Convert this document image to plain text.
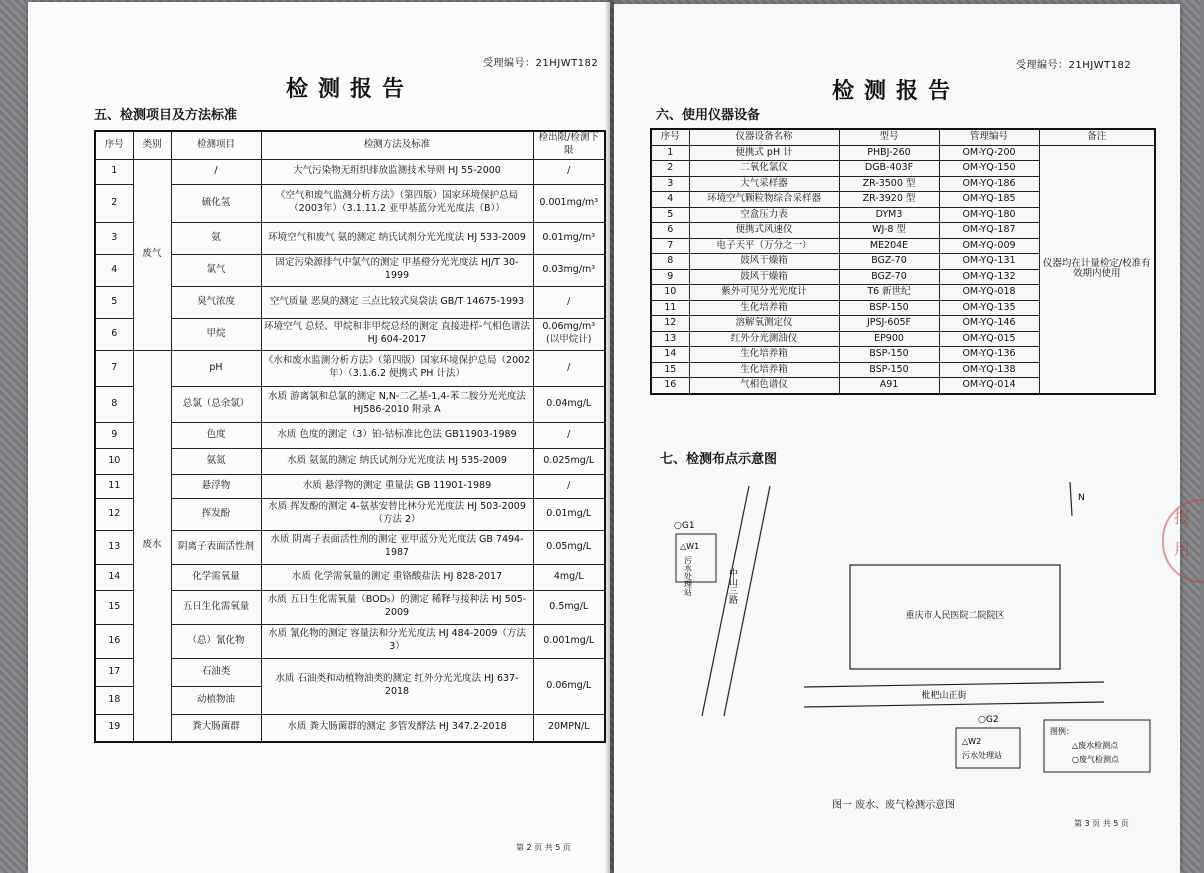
受理编号：21HJWT182
检测报告
五、检测项目及方法标准
序号	类别	检测项目	检测方法及标准	检出限/检测下限
1	废气	/	大气污染物无组织排放监测技术导则 HJ 55-2000	/
2		硫化氢	《空气和废气监测分析方法》（第四版）国家环境保护总局（2003年）（3.1.11.2 亚甲基蓝分光光度法（B））	0.001mg/m³
3		氨	环境空气和废气 氨的测定 纳氏试剂分光光度法 HJ 533-2009	0.01mg/m³
4		氯气	固定污染源排气中氯气的测定 甲基橙分光光度法 HJ/T 30-1999	0.03mg/m³
5		臭气浓度	空气质量 恶臭的测定 三点比较式臭袋法 GB/T 14675-1993	/
6		甲烷	环境空气 总烃、甲烷和非甲烷总烃的测定 直接进样-气相色谱法 HJ 604-2017	0.06mg/m³ (以甲烷计)
7	废水	pH	《水和废水监测分析方法》（第四版）国家环境保护总局（2002年）（3.1.6.2 便携式 PH 计法）	/
8		总氯（总余氯）	水质 游离氯和总氯的测定 N,N-二乙基-1,4-苯二胺分光光度法 HJ586-2010 附录 A	0.04mg/L
9		色度	水质 色度的测定（3）铂-钴标准比色法 GB11903-1989	/
10		氨氮	水质 氨氮的测定 纳氏试剂分光光度法 HJ 535-2009	0.025mg/L
11		悬浮物	水质 悬浮物的测定 重量法 GB 11901-1989	/
12		挥发酚	水质 挥发酚的测定 4-氨基安替比林分光光度法 HJ 503-2009（方法 2）	0.01mg/L
13		阴离子表面活性剂	水质 阴离子表面活性剂的测定 亚甲蓝分光光度法 GB 7494-1987	0.05mg/L
14		化学需氧量	水质 化学需氧量的测定 重铬酸盐法 HJ 828-2017	4mg/L
15		五日生化需氧量	水质 五日生化需氧量（BOD₅）的测定 稀释与接种法 HJ 505-2009	0.5mg/L
16		（总）氰化物	水质 氰化物的测定 容量法和分光光度法 HJ 484-2009（方法 3）	0.001mg/L
17		石油类	水质 石油类和动植物油类的测定 红外分光光度法 HJ 637-2018	0.06mg/L
18		动植物油		
19		粪大肠菌群	水质 粪大肠菌群的测定 多管发酵法 HJ 347.2-2018	20MPN/L
第 2 页 共 5 页
受理编号：21HJWT182
检测报告
六、使用仪器设备
序号	仪器设备名称	型号	管理编号	备注
1	便携式 pH 计	PHBJ-260	OM-YQ-200	仪器均在计量检定/校准有效期内使用
2	二氧化氯仪	DGB-403F	OM-YQ-150	
3	大气采样器	ZR-3500 型	OM-YQ-186	
4	环境空气颗粒物综合采样器	ZR-3920 型	OM-YQ-185	
5	空盒压力表	DYM3	OM-YQ-180	
6	便携式风速仪	WJ-8 型	OM-YQ-187	
7	电子天平（万分之一）	ME204E	OM-YQ-009	
8	鼓风干燥箱	BGZ-70	OM-YQ-131	
9	鼓风干燥箱	BGZ-70	OM-YQ-132	
10	紫外可见分光光度计	T6 新世纪	OM-YQ-018	
11	生化培养箱	BSP-150	OM-YQ-135	
12	溶解氧测定仪	JPSJ-605F	OM-YQ-146	
13	红外分光测油仪	EP900	OM-YQ-015	
14	生化培养箱	BSP-150	OM-YQ-136	
15	生化培养箱	BSP-150	OM-YQ-138	
16	气相色谱仪	A91	OM-YQ-014	
七、检测布点示意图
N
中山三路
○G1
△W1
污水处理站
重庆市人民医院二院院区
枇杷山正街
○G2
△W2
污水处理站
图例：
△废水检测点
○废气检测点
图一 废水、废气检测示意图
第 3 页 共 5 页
报
用
